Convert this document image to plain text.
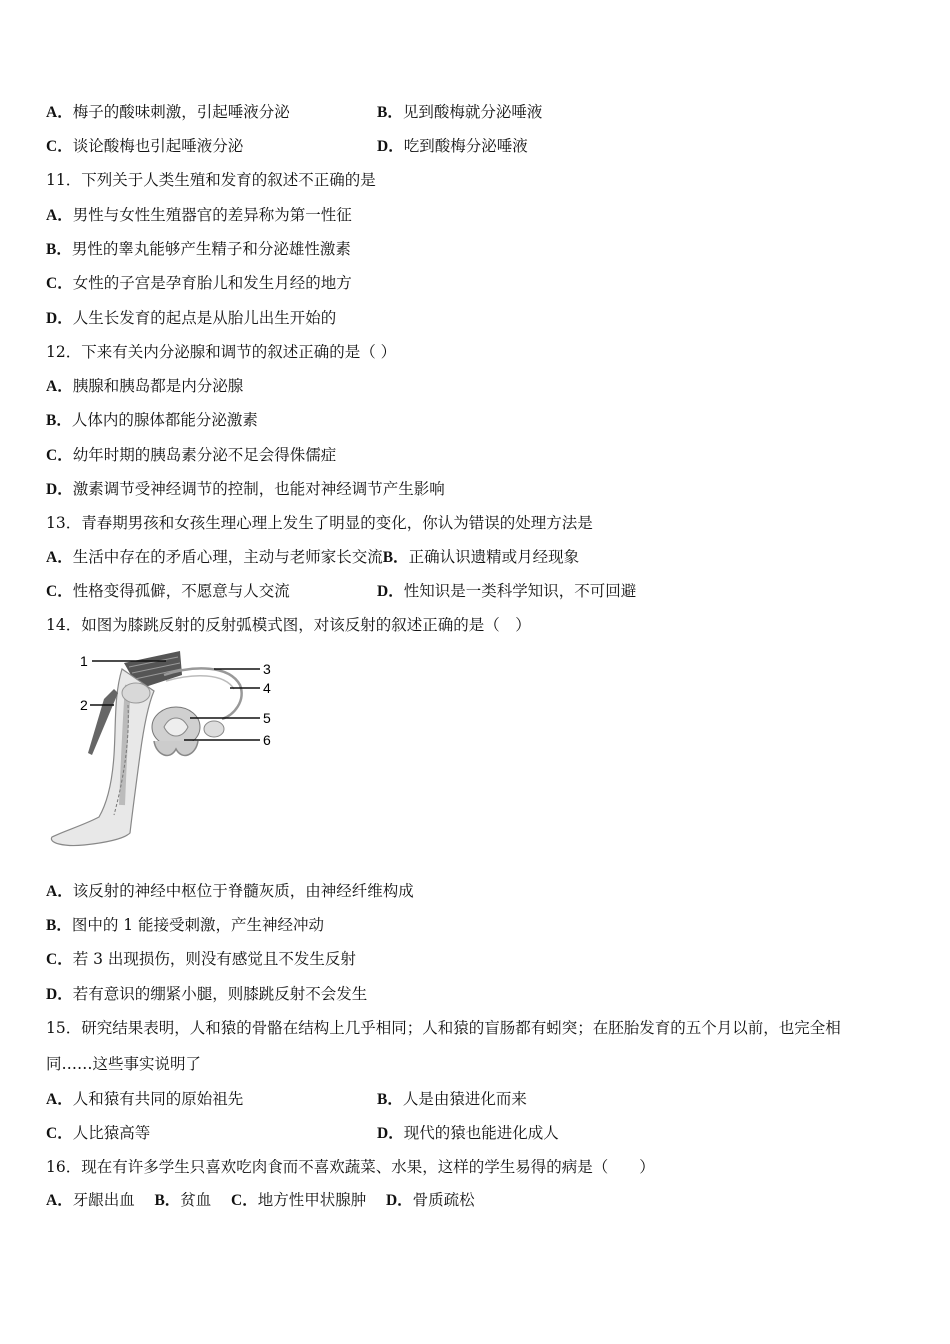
A．梅子的酸味刺激，引起唾液分泌	B．见到酸梅就分泌唾液
C．谈论酸梅也引起唾液分泌	D．吃到酸梅分泌唾液
11．下列关于人类生殖和发育的叙述不正确的是
A．男性与女性生殖器官的差异称为第一性征
B．男性的睾丸能够产生精子和分泌雄性激素
C．女性的子宫是孕育胎儿和发生月经的地方
D．人生长发育的起点是从胎儿出生开始的
12．下来有关内分泌腺和调节的叙述正确的是（ ）
A．胰腺和胰岛都是内分泌腺
B．人体内的腺体都能分泌激素
C．幼年时期的胰岛素分泌不足会得侏儒症
D．激素调节受神经调节的控制，也能对神经调节产生影响
13．青春期男孩和女孩生理心理上发生了明显的变化，你认为错误的处理方法是
A．生活中存在的矛盾心理，主动与老师家长交流B．正确认识遗精或月经现象
C．性格变得孤僻，不愿意与人交流	D．性知识是一类科学知识，不可回避
14．如图为膝跳反射的反射弧模式图，对该反射的叙述正确的是（　）
1
2
3
4
5
6
A．该反射的神经中枢位于脊髓灰质，由神经纤维构成
B．图中的 1 能接受刺激，产生神经冲动
C．若 3 出现损伤，则没有感觉且不发生反射
D．若有意识的绷紧小腿，则膝跳反射不会发生
15．研究结果表明，人和猿的骨骼在结构上几乎相同；人和猿的盲肠都有蚓突；在胚胎发育的五个月以前，也完全相
同……这些事实说明了
A．人和猿有共同的原始祖先	B．人是由猿进化而来
C．人比猿高等	D．现代的猿也能进化成人
16．现在有许多学生只喜欢吃肉食而不喜欢蔬菜、水果，这样的学生易得的病是（　　）
A．牙龈出血 B．贫血 C．地方性甲状腺肿 D．骨质疏松
